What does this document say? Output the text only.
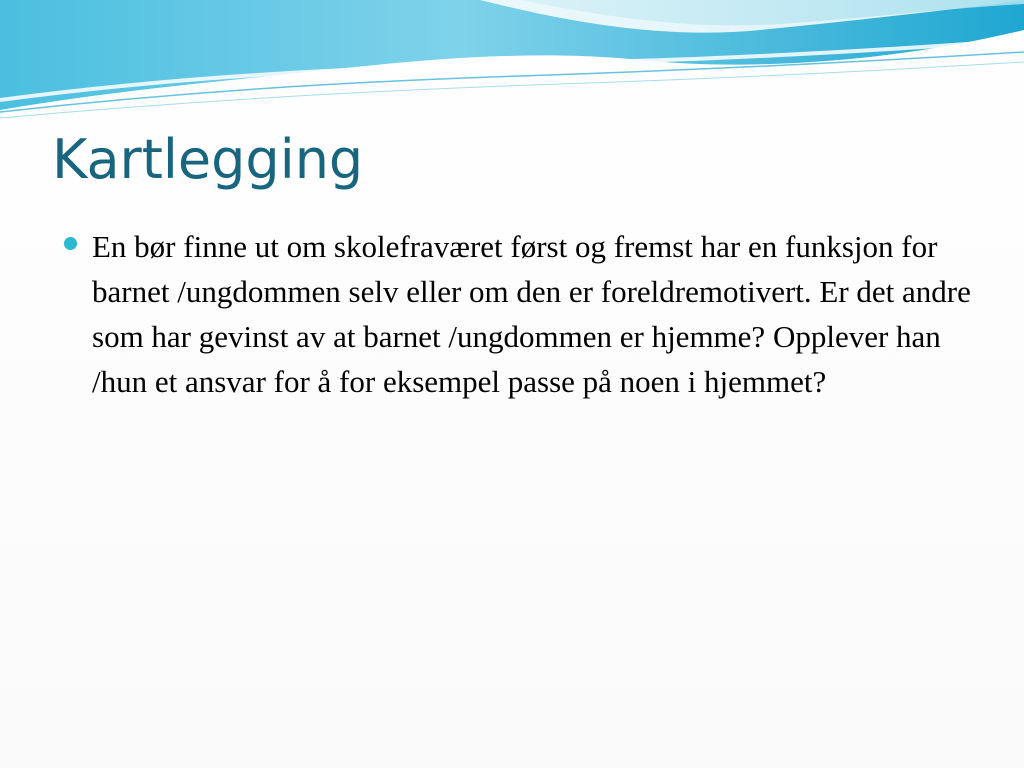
Kartlegging
En bør finne ut om skolefraværet først og fremst har en funksjon for barnet /ungdommen selv eller om den er foreldremotivert. Er det andre som har gevinst av at barnet /ungdommen er hjemme? Opplever han /hun et ansvar for å for eksempel passe på noen i hjemmet?
